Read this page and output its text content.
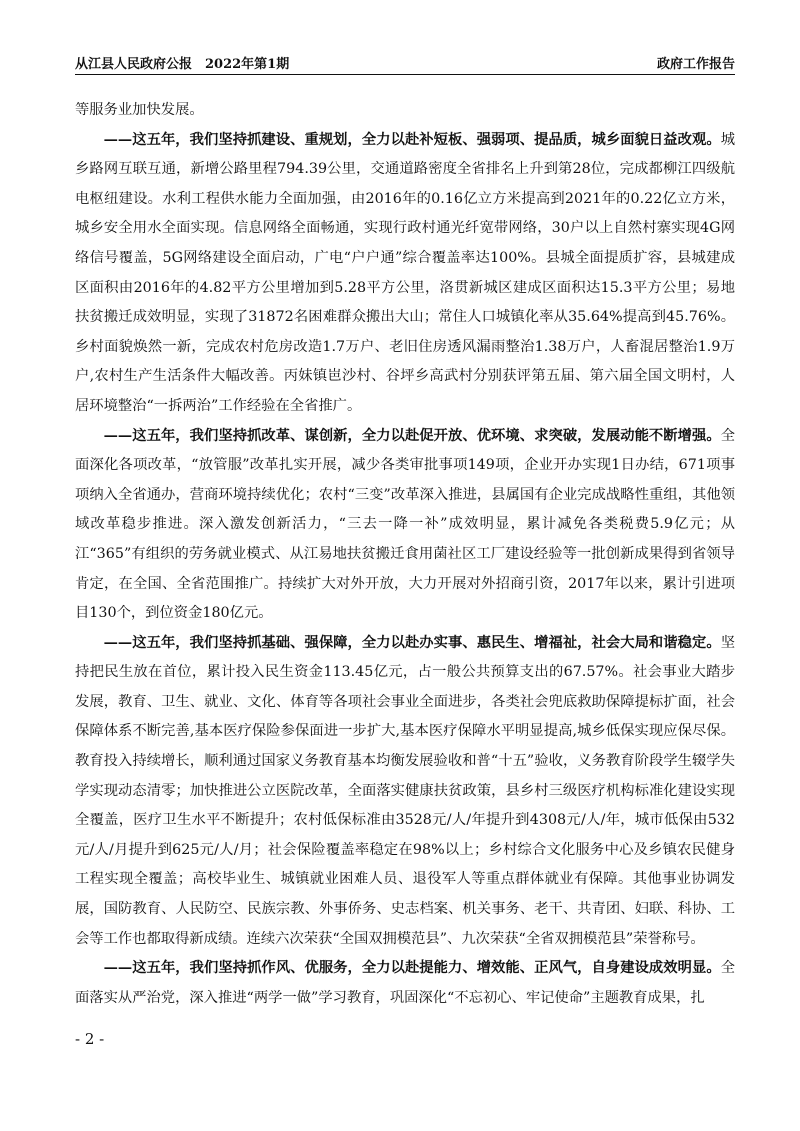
从江县人民政府公报　2022年第1期	政府工作报告

等服务业加快发展。

——这五年，我们坚持抓建设、重规划，全力以赴补短板、强弱项、提品质，城乡面貌日益改观。城乡路网互联互通，新增公路里程794.39公里，交通道路密度全省排名上升到第28位，完成都柳江四级航电枢纽建设。水利工程供水能力全面加强，由2016年的0.16亿立方米提高到2021年的0.22亿立方米，城乡安全用水全面实现。信息网络全面畅通，实现行政村通光纤宽带网络，30户以上自然村寨实现4G网络信号覆盖，5G网络建设全面启动，广电“户户通”综合覆盖率达100%。县城全面提质扩容，县城建成区面积由2016年的4.82平方公里增加到5.28平方公里，洛贯新城区建成区面积达15.3平方公里；易地扶贫搬迁成效明显，实现了31872名困难群众搬出大山；常住人口城镇化率从35.64%提高到45.76%。乡村面貌焕然一新，完成农村危房改造1.7万户、老旧住房透风漏雨整治1.38万户，人畜混居整治1.9万户,农村生产生活条件大幅改善。丙妹镇岜沙村、谷坪乡高武村分别获评第五届、第六届全国文明村，人居环境整治“一拆两治”工作经验在全省推广。

——这五年，我们坚持抓改革、谋创新，全力以赴促开放、优环境、求突破，发展动能不断增强。全面深化各项改革，“放管服”改革扎实开展，减少各类审批事项149项，企业开办实现1日办结，671项事项纳入全省通办，营商环境持续优化；农村“三变”改革深入推进，县属国有企业完成战略性重组，其他领域改革稳步推进。深入激发创新活力，“三去一降一补”成效明显，累计减免各类税费5.9亿元；从江“365”有组织的劳务就业模式、从江易地扶贫搬迁食用菌社区工厂建设经验等一批创新成果得到省领导肯定，在全国、全省范围推广。持续扩大对外开放，大力开展对外招商引资，2017年以来，累计引进项目130个，到位资金180亿元。

——这五年，我们坚持抓基础、强保障，全力以赴办实事、惠民生、增福祉，社会大局和谐稳定。坚持把民生放在首位，累计投入民生资金113.45亿元，占一般公共预算支出的67.57%。社会事业大踏步发展，教育、卫生、就业、文化、体育等各项社会事业全面进步，各类社会兜底救助保障提标扩面，社会保障体系不断完善,基本医疗保险参保面进一步扩大,基本医疗保障水平明显提高,城乡低保实现应保尽保。教育投入持续增长，顺利通过国家义务教育基本均衡发展验收和普“十五”验收，义务教育阶段学生辍学失学实现动态清零；加快推进公立医院改革，全面落实健康扶贫政策，县乡村三级医疗机构标准化建设实现全覆盖，医疗卫生水平不断提升；农村低保标准由3528元/人/年提升到4308元/人/年，城市低保由532元/人/月提升到625元/人/月；社会保险覆盖率稳定在98%以上；乡村综合文化服务中心及乡镇农民健身工程实现全覆盖；高校毕业生、城镇就业困难人员、退役军人等重点群体就业有保障。其他事业协调发展，国防教育、人民防空、民族宗教、外事侨务、史志档案、机关事务、老干、共青团、妇联、科协、工会等工作也都取得新成绩。连续六次荣获“全国双拥模范县”、九次荣获“全省双拥模范县”荣誉称号。

——这五年，我们坚持抓作风、优服务，全力以赴提能力、增效能、正风气，自身建设成效明显。全面落实从严治党，深入推进“两学一做”学习教育，巩固深化“不忘初心、牢记使命”主题教育成果，扎

- 2 -
